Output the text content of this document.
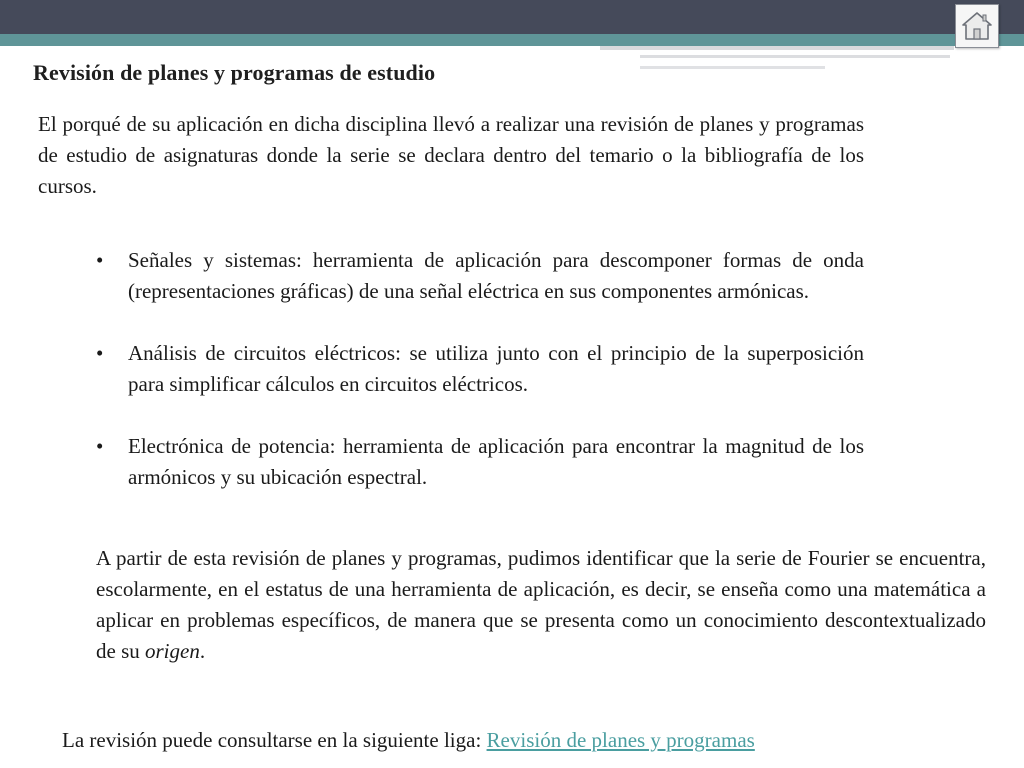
Revisión de planes y programas de estudio

El porqué de su aplicación en dicha disciplina llevó a realizar una revisión de planes y programas de estudio de asignaturas donde la serie se declara dentro del temario o la bibliografía de los cursos.

• Señales y sistemas: herramienta de aplicación para descomponer formas de onda (representaciones gráficas) de una señal eléctrica en sus componentes armónicas.
• Análisis de circuitos eléctricos: se utiliza junto con el principio de la superposición para simplificar cálculos en circuitos eléctricos.
• Electrónica de potencia: herramienta de aplicación para encontrar la magnitud de los armónicos y su ubicación espectral.

A partir de esta revisión de planes y programas, pudimos identificar que la serie de Fourier se encuentra, escolarmente, en el estatus de una herramienta de aplicación, es decir, se enseña como una matemática a aplicar en problemas específicos, de manera que se presenta como un conocimiento descontextualizado de su origen.

La revisión puede consultarse en la siguiente liga: Revisión de planes y programas
